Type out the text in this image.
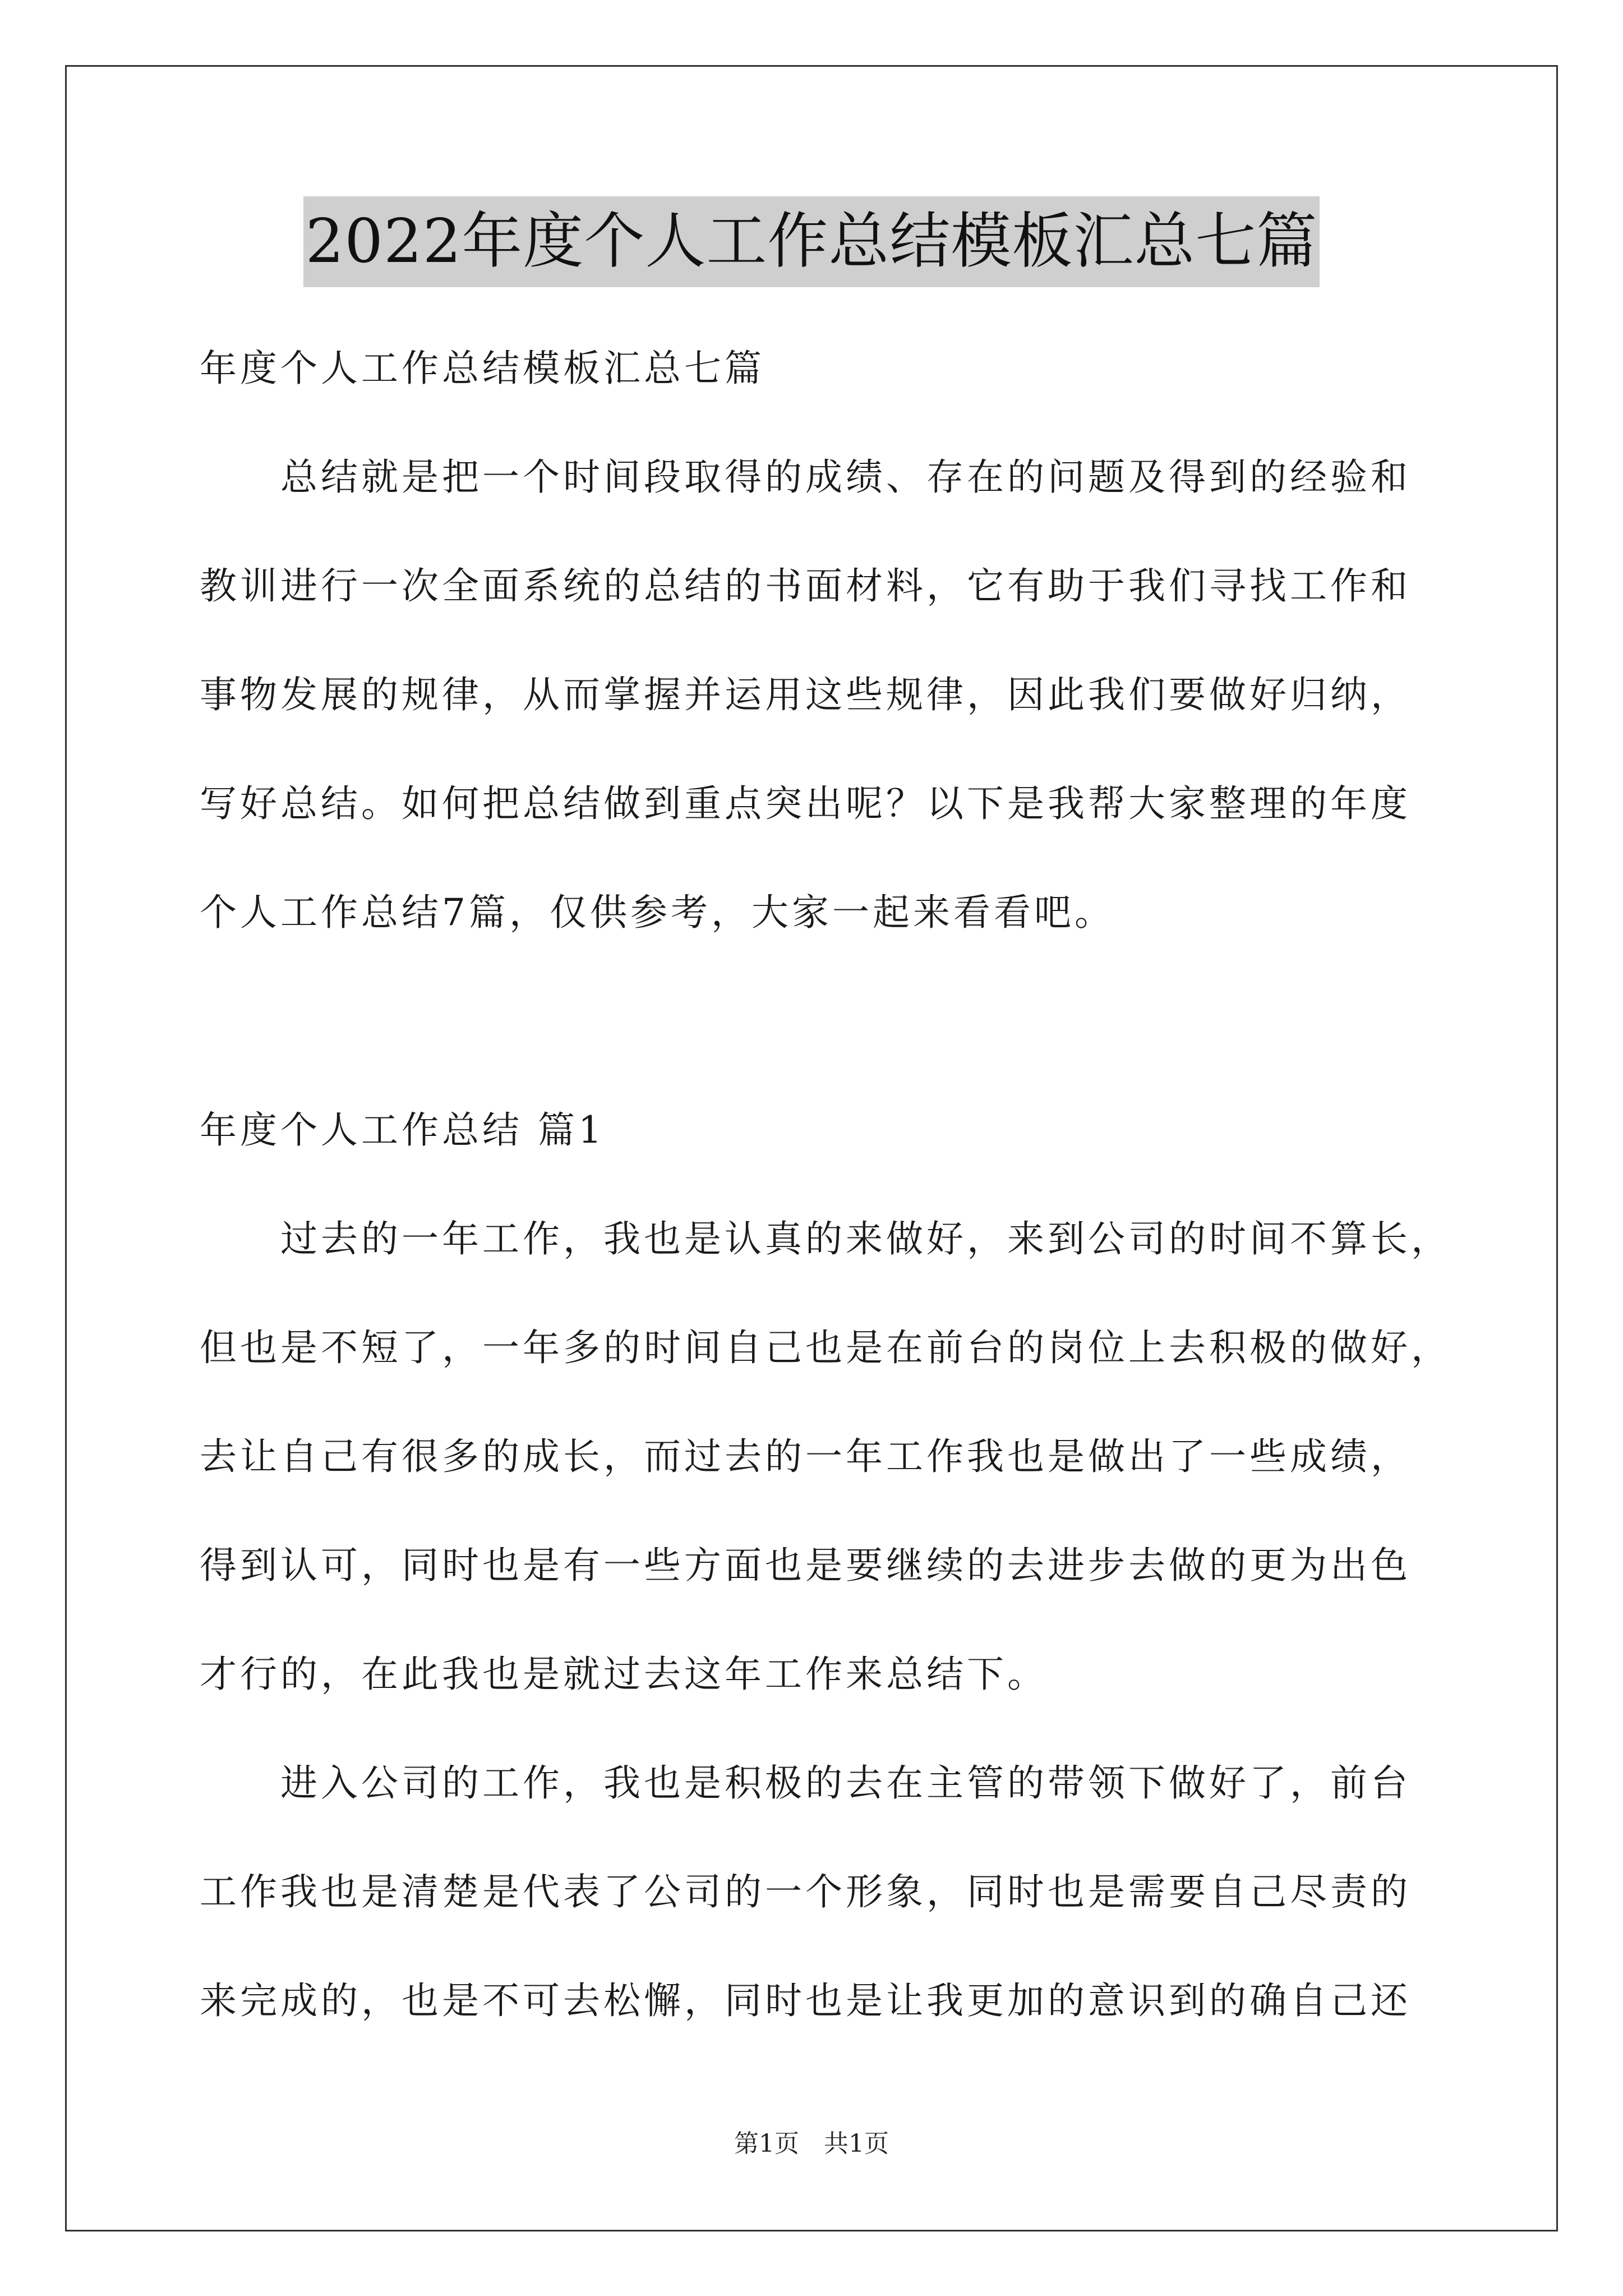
2022年度个人工作总结模板汇总七篇
年度个人工作总结模板汇总七篇
　　总结就是把一个时间段取得的成绩、存在的问题及得到的经验和
教训进行一次全面系统的总结的书面材料，它有助于我们寻找工作和
事物发展的规律，从而掌握并运用这些规律，因此我们要做好归纳，
写好总结。如何把总结做到重点突出呢？以下是我帮大家整理的年度
个人工作总结7篇，仅供参考，大家一起来看看吧。
年度个人工作总结 篇1
　　过去的一年工作，我也是认真的来做好，来到公司的时间不算长，
但也是不短了，一年多的时间自己也是在前台的岗位上去积极的做好，
去让自己有很多的成长，而过去的一年工作我也是做出了一些成绩，
得到认可，同时也是有一些方面也是要继续的去进步去做的更为出色
才行的，在此我也是就过去这年工作来总结下。
　　进入公司的工作，我也是积极的去在主管的带领下做好了，前台
工作我也是清楚是代表了公司的一个形象，同时也是需要自己尽责的
来完成的，也是不可去松懈，同时也是让我更加的意识到的确自己还
第1页　共1页
